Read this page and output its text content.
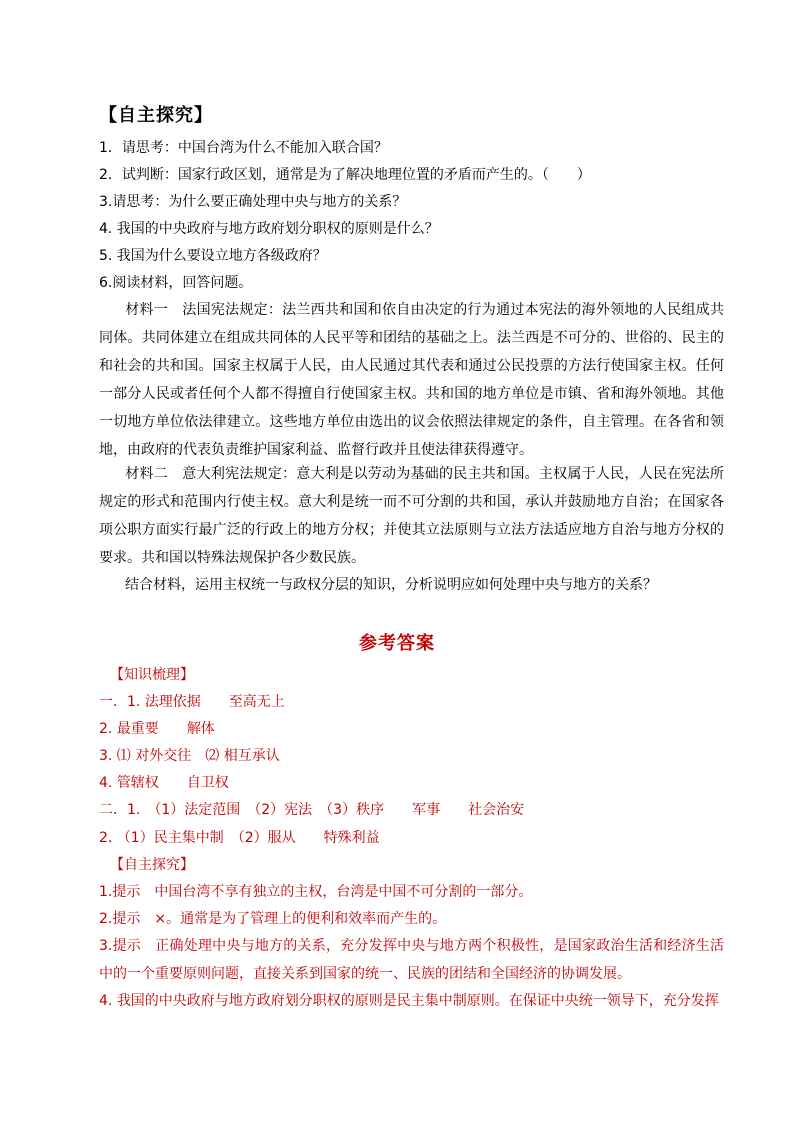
【自主探究】
1．请思考：中国台湾为什么不能加入联合国？
2．试判断：国家行政区划，通常是为了解决地理位置的矛盾而产生的。（　　）
3.请思考：为什么要正确处理中央与地方的关系？
4. 我国的中央政府与地方政府划分职权的原则是什么？
5. 我国为什么要设立地方各级政府？
6.阅读材料，回答问题。
材料一　法国宪法规定：法兰西共和国和依自由决定的行为通过本宪法的海外领地的人民组成共同体。共同体建立在组成共同体的人民平等和团结的基础之上。法兰西是不可分的、世俗的、民主的和社会的共和国。国家主权属于人民，由人民通过其代表和通过公民投票的方法行使国家主权。任何一部分人民或者任何个人都不得擅自行使国家主权。共和国的地方单位是市镇、省和海外领地。其他一切地方单位依法律建立。这些地方单位由选出的议会依照法律规定的条件，自主管理。在各省和领地，由政府的代表负责维护国家利益、监督行政并且使法律获得遵守。
材料二　意大利宪法规定：意大利是以劳动为基础的民主共和国。主权属于人民，人民在宪法所规定的形式和范围内行使主权。意大利是统一而不可分割的共和国，承认并鼓励地方自治；在国家各项公职方面实行最广泛的行政上的地方分权；并使其立法原则与立法方法适应地方自治与地方分权的要求。共和国以特殊法规保护各少数民族。
结合材料，运用主权统一与政权分层的知识，分析说明应如何处理中央与地方的关系？
参考答案
【知识梳理】
一．1. 法理依据 至高无上
2. 最重要 解体
3. ⑴ 对外交往　⑵ 相互承认
4. 管辖权 自卫权
二．1.　（1）法定范围　（2）宪法　（3）秩序　　军事　　社会治安
2. （1）民主集中制　（2）服从　　特殊利益
【自主探究】
1.提示　中国台湾不享有独立的主权，台湾是中国不可分割的一部分。
2.提示　×。通常是为了管理上的便利和效率而产生的。
3.提示　正确处理中央与地方的关系，充分发挥中央与地方两个积极性，是国家政治生活和经济生活中的一个重要原则问题，直接关系到国家的统一、民族的团结和全国经济的协调发展。
4. 我国的中央政府与地方政府划分职权的原则是民主集中制原则。在保证中央统一领导下，充分发挥
